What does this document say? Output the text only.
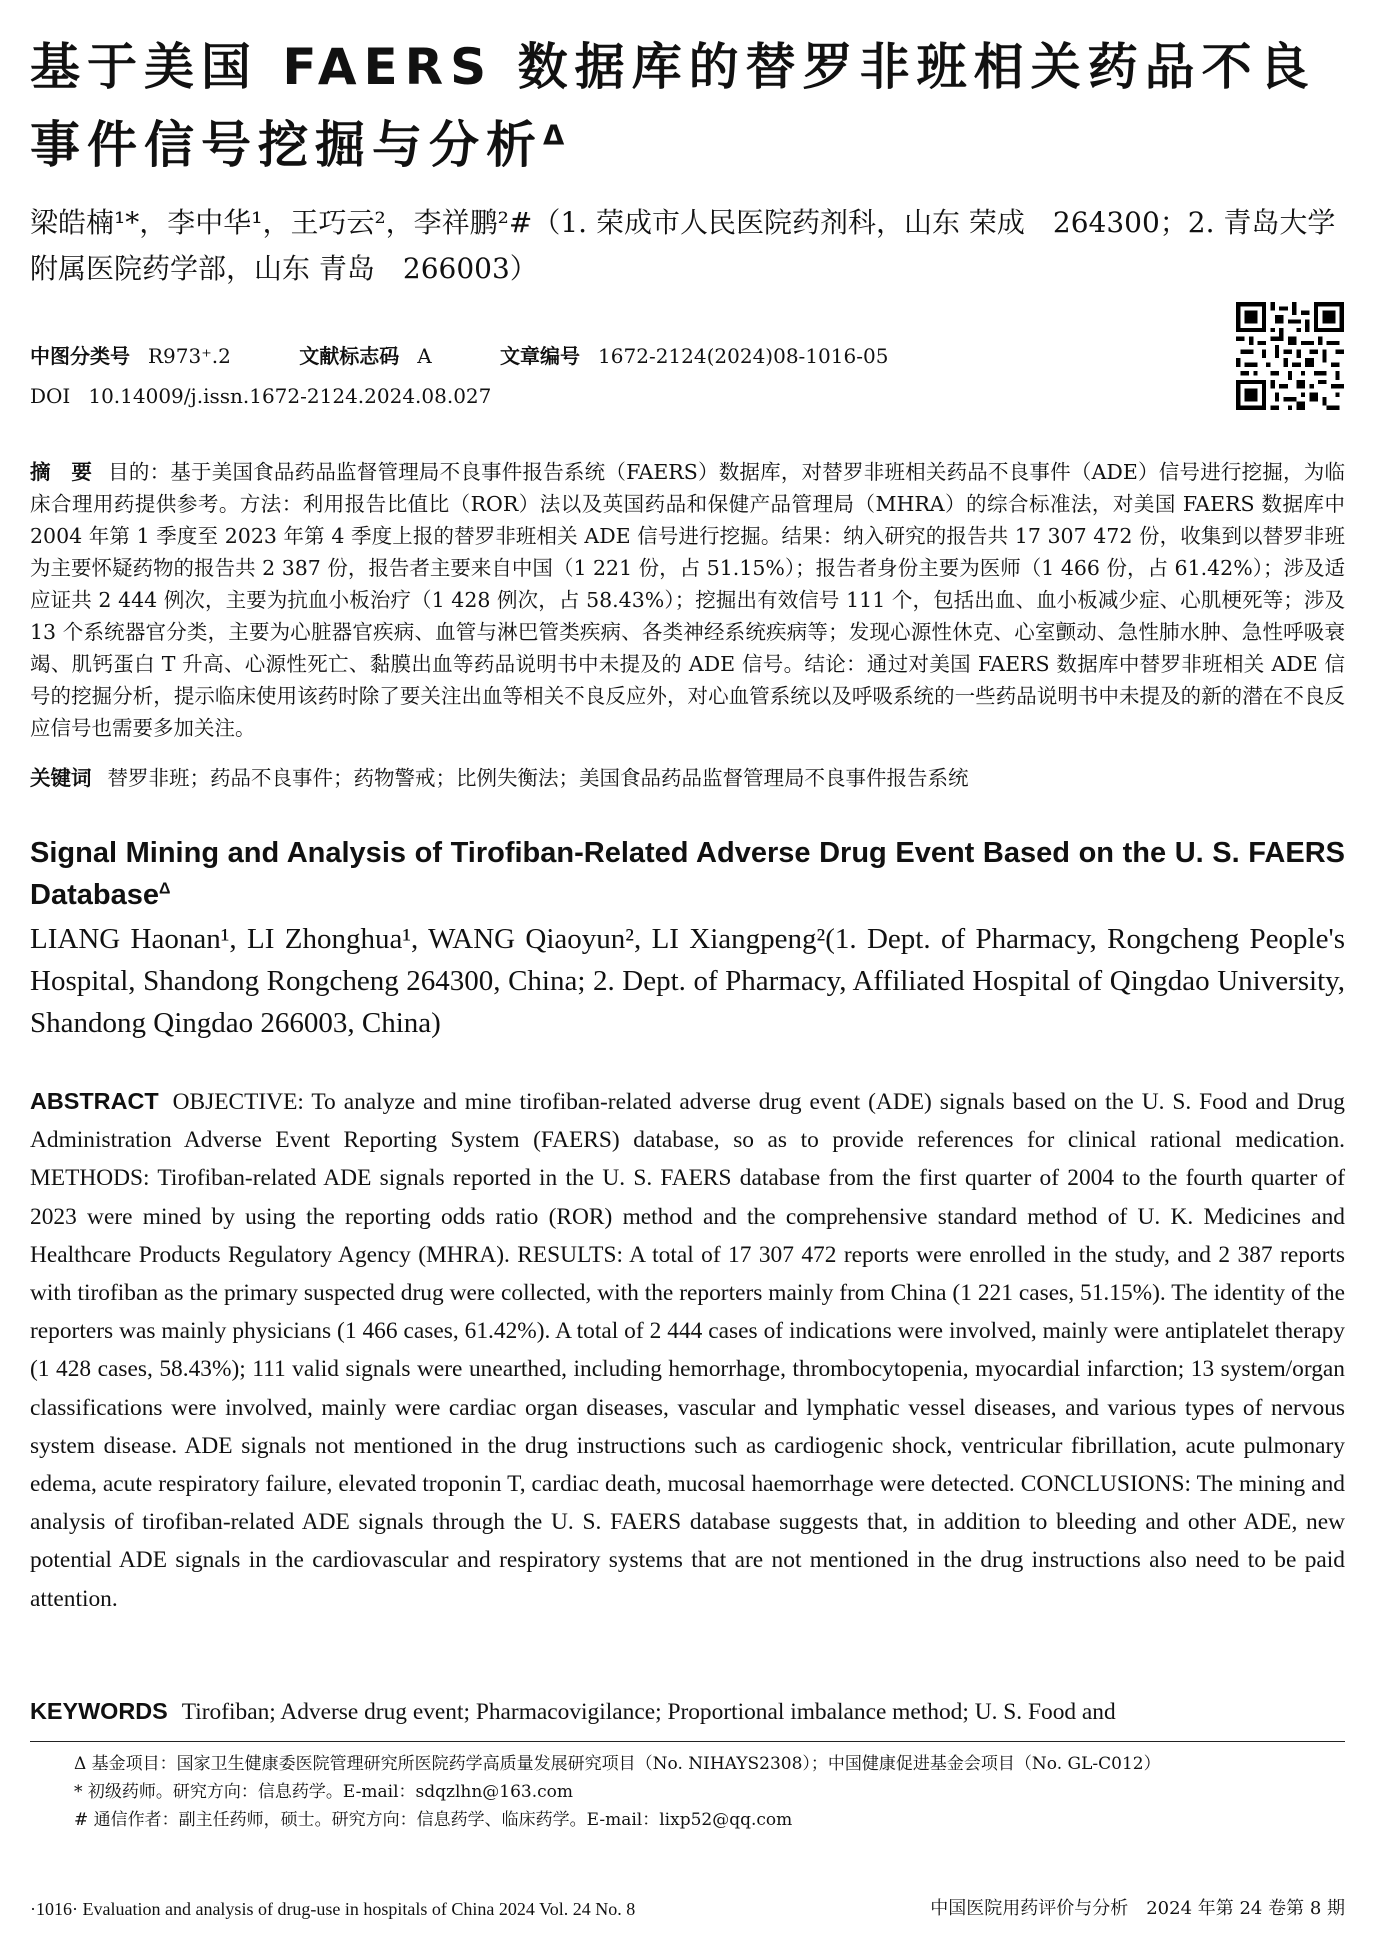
基于美国 FAERS 数据库的替罗非班相关药品不良事件信号挖掘与分析$^\Delta$

梁皓楠¹*，李中华¹，王巧云²，李祥鹏²#（1. 荣成市人民医院药剂科，山东 荣成　264300；2. 青岛大学附属医院药学部，山东 青岛　266003）

中图分类号 R973⁺.2	文献标志码 A	文章编号 1672-2124(2024)08-1016-05
DOI 10.14009/j.issn.1672-2124.2024.08.027

摘　要 目的：基于美国食品药品监督管理局不良事件报告系统（FAERS）数据库，对替罗非班相关药品不良事件（ADE）信号进行挖掘，为临床合理用药提供参考。方法：利用报告比值比（ROR）法以及英国药品和保健产品管理局（MHRA）的综合标准法，对美国 FAERS 数据库中 2004 年第 1 季度至 2023 年第 4 季度上报的替罗非班相关 ADE 信号进行挖掘。结果：纳入研究的报告共 17 307 472 份，收集到以替罗非班为主要怀疑药物的报告共 2 387 份，报告者主要来自中国（1 221 份，占 51.15%）；报告者身份主要为医师（1 466 份，占 61.42%）；涉及适应证共 2 444 例次，主要为抗血小板治疗（1 428 例次，占 58.43%）；挖掘出有效信号 111 个，包括出血、血小板减少症、心肌梗死等；涉及 13 个系统器官分类，主要为心脏器官疾病、血管与淋巴管类疾病、各类神经系统疾病等；发现心源性休克、心室颤动、急性肺水肿、急性呼吸衰竭、肌钙蛋白 T 升高、心源性死亡、黏膜出血等药品说明书中未提及的 ADE 信号。结论：通过对美国 FAERS 数据库中替罗非班相关 ADE 信号的挖掘分析，提示临床使用该药时除了要关注出血等相关不良反应外，对心血管系统以及呼吸系统的一些药品说明书中未提及的新的潜在不良反应信号也需要多加关注。

关键词 替罗非班；药品不良事件；药物警戒；比例失衡法；美国食品药品监督管理局不良事件报告系统
Signal Mining and Analysis of Tirofiban-Related Adverse Drug Event Based on the U. S. FAERS Database$^\Delta$

LIANG Haonan¹, LI Zhonghua¹, WANG Qiaoyun², LI Xiangpeng²(1. Dept. of Pharmacy, Rongcheng People's Hospital, Shandong Rongcheng 264300, China; 2. Dept. of Pharmacy, Affiliated Hospital of Qingdao University, Shandong Qingdao 266003, China)

ABSTRACT OBJECTIVE: To analyze and mine tirofiban-related adverse drug event (ADE) signals based on the U. S. Food and Drug Administration Adverse Event Reporting System (FAERS) database, so as to provide references for clinical rational medication. METHODS: Tirofiban-related ADE signals reported in the U. S. FAERS database from the first quarter of 2004 to the fourth quarter of 2023 were mined by using the reporting odds ratio (ROR) method and the comprehensive standard method of U. K. Medicines and Healthcare Products Regulatory Agency (MHRA). RESULTS: A total of 17 307 472 reports were enrolled in the study, and 2 387 reports with tirofiban as the primary suspected drug were collected, with the reporters mainly from China (1 221 cases, 51.15%). The identity of the reporters was mainly physicians (1 466 cases, 61.42%). A total of 2 444 cases of indications were involved, mainly were antiplatelet therapy (1 428 cases, 58.43%); 111 valid signals were unearthed, including hemorrhage, thrombocytopenia, myocardial infarction; 13 system/organ classifications were involved, mainly were cardiac organ diseases, vascular and lymphatic vessel diseases, and various types of nervous system disease. ADE signals not mentioned in the drug instructions such as cardiogenic shock, ventricular fibrillation, acute pulmonary edema, acute respiratory failure, elevated troponin T, cardiac death, mucosal haemorrhage were detected. CONCLUSIONS: The mining and analysis of tirofiban-related ADE signals through the U. S. FAERS database suggests that, in addition to bleeding and other ADE, new potential ADE signals in the cardiovascular and respiratory systems that are not mentioned in the drug instructions also need to be paid attention.

KEYWORDS Tirofiban; Adverse drug event; Pharmacovigilance; Proportional imbalance method; U. S. Food and
Δ 基金项目：国家卫生健康委医院管理研究所医院药学高质量发展研究项目（No. NIHAYS2308）；中国健康促进基金会项目（No. GL-C012）
* 初级药师。研究方向：信息药学。E-mail：sdqzlhn@163.com
# 通信作者：副主任药师，硕士。研究方向：信息药学、临床药学。E-mail：lixp52@qq.com
·1016· Evaluation and analysis of drug-use in hospitals of China 2024 Vol. 24 No. 8	中国医院用药评价与分析　2024 年第 24 卷第 8 期
